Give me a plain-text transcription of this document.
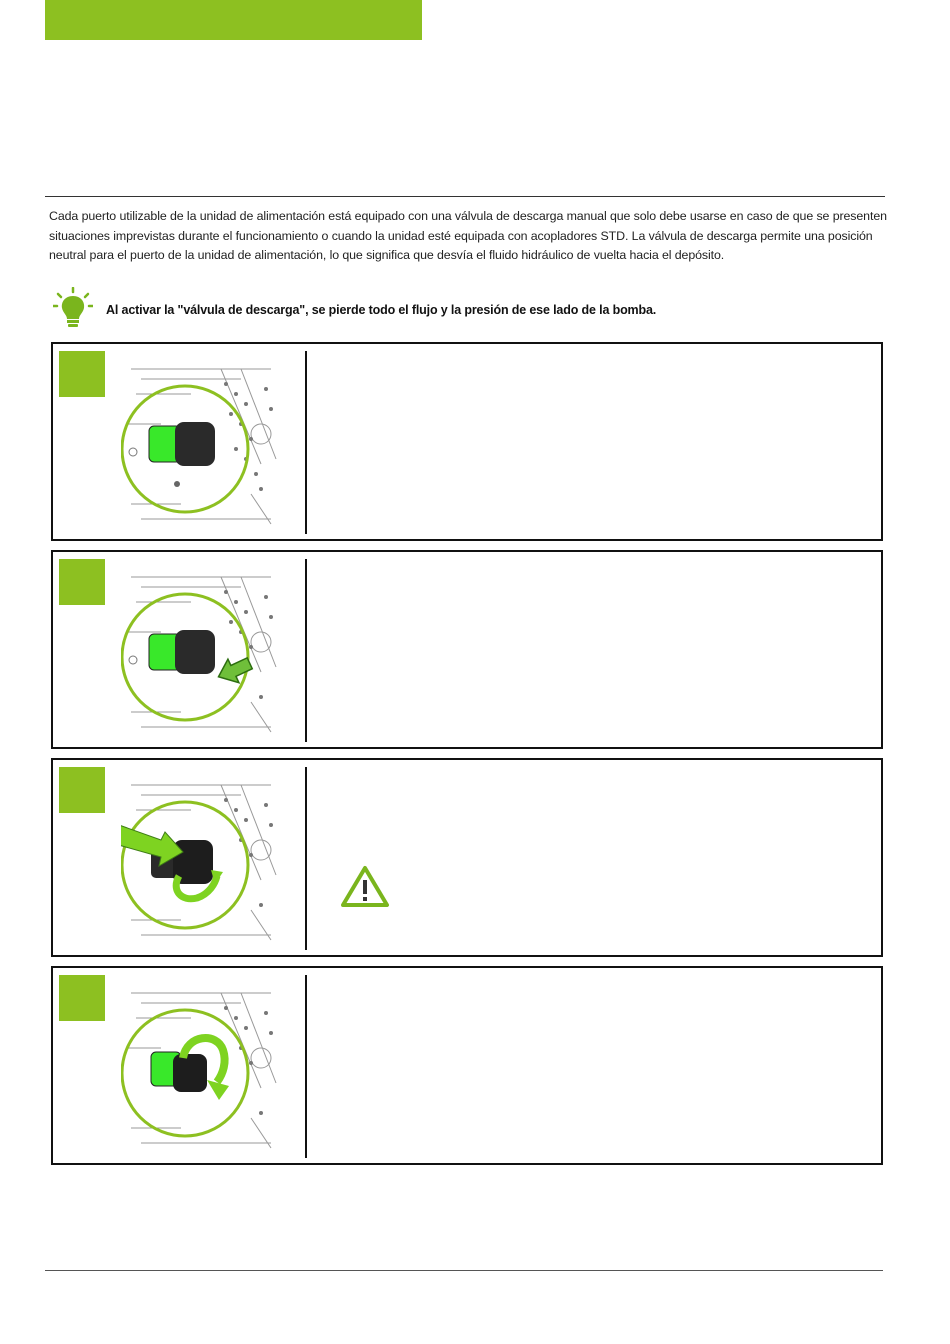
Cada puerto utilizable de la unidad de alimentación está equipado con una válvula de descarga manual que solo debe usarse en caso de que se presenten situaciones imprevistas durante el funcionamiento o cuando la unidad esté equipada con acopladores STD. La válvula de descarga permite una posición neutral para el puerto de la unidad de alimentación, lo que significa que desvía el fluido hidráulico de vuelta hacia el depósito.
Al activar la "válvula de descarga", se pierde todo el flujo y la presión de ese lado de la bomba.
